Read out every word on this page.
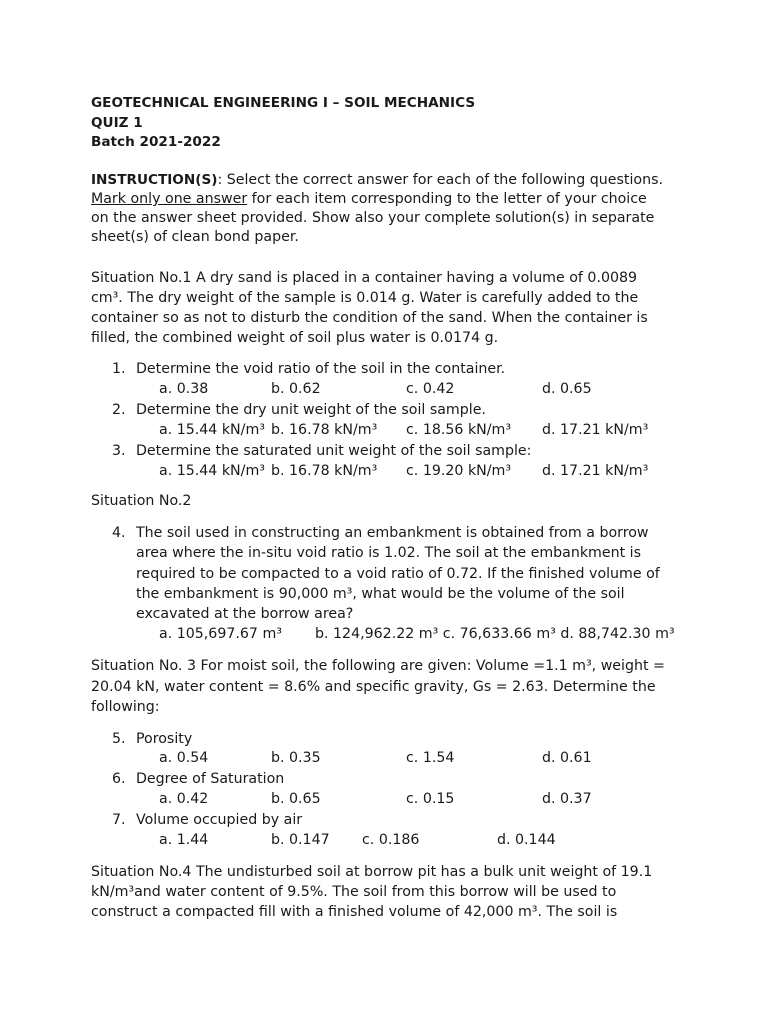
GEOTECHNICAL ENGINEERING I – SOIL MECHANICS
QUIZ 1
Batch 2021-2022
INSTRUCTION(S): Select the correct answer for each of the following questions.
Mark only one answer for each item corresponding to the letter of your choice
on the answer sheet provided. Show also your complete solution(s) in separate
sheet(s) of clean bond paper.
Situation No.1 A dry sand is placed in a container having a volume of 0.0089
cm³. The dry weight of the sample is 0.014 g. Water is carefully added to the
container so as not to disturb the condition of the sand. When the container is
filled, the combined weight of soil plus water is 0.0174 g.
1. Determine the void ratio of the soil in the container.
a. 0.38	b. 0.62	c. 0.42	d. 0.65
2. Determine the dry unit weight of the soil sample.
a. 15.44 kN/m³ b. 16.78 kN/m³ c. 18.56 kN/m³ d. 17.21 kN/m³
3. Determine the saturated unit weight of the soil sample:
a. 15.44 kN/m³ b. 16.78 kN/m³ c. 19.20 kN/m³ d. 17.21 kN/m³
Situation No.2
4. The soil used in constructing an embankment is obtained from a borrow
area where the in-situ void ratio is 1.02. The soil at the embankment is
required to be compacted to a void ratio of 0.72. If the finished volume of
the embankment is 90,000 m³, what would be the volume of the soil
excavated at the borrow area?
a. 105,697.67 m³ b. 124,962.22 m³ c. 76,633.66 m³ d. 88,742.30 m³
Situation No. 3 For moist soil, the following are given: Volume =1.1 m³, weight =
20.04 kN, water content = 8.6% and specific gravity, Gs = 2.63. Determine the
following:
5. Porosity
a. 0.54	b. 0.35	c. 1.54	d. 0.61
6. Degree of Saturation
a. 0.42	b. 0.65	c. 0.15	d. 0.37
7. Volume occupied by air
a. 1.44	b. 0.147 c. 0.186	d. 0.144
Situation No.4 The undisturbed soil at borrow pit has a bulk unit weight of 19.1
kN/m³and water content of 9.5%. The soil from this borrow will be used to
construct a compacted fill with a finished volume of 42,000 m³. The soil is
